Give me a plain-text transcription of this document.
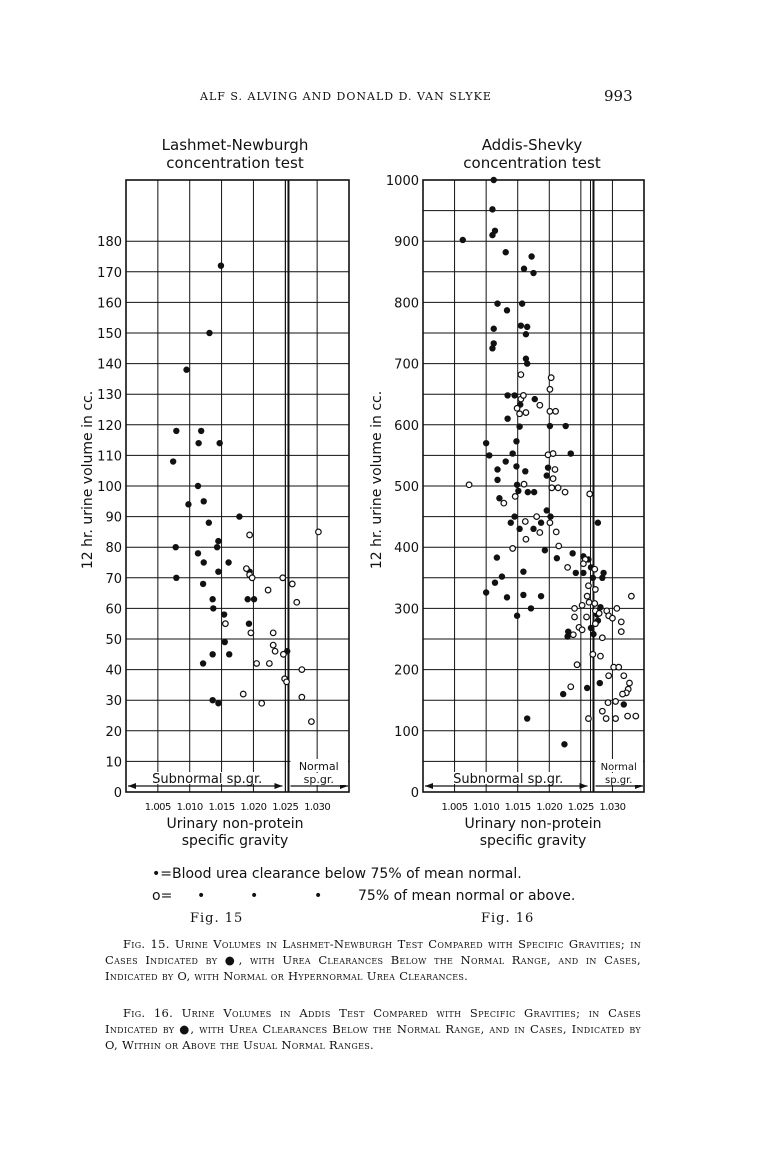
ALF S. ALVING AND DONALD D. VAN SLYKE	993
Lashmet-Newburgh
concentration test
12 hr. urine volume in cc.
0
10
20
30
40
50
60
70
80
90
100
110
120
130
140
150
160
170
180
1.005 1.010 1.015 1.020 1.025 1.030
Subnormal sp.gr.
Normal
sp.gr.
Urinary non-protein
specific gravity
Addis-Shevky
concentration test
12 hr. urine volume in cc.
0
100
200
300
400
500
600
700
800
900
1000
1.005 1.010 1.015 1.020 1.025 1.030
Subnormal sp.gr.
Normal
sp.gr.
Urinary non-protein
specific gravity
•=Blood urea clearance below 75% of mean normal.
o= •	•	•	75% of mean normal or above.
Fig. 15	Fig. 16
Fig. 15. Urine Volumes in Lashmet-Newburgh Test Compared with Specific Gravities; in Cases Indicated by ●, with Urea Clearances Below the Normal Range, and in Cases, Indicated by O, with Normal or Hypernormal Urea Clearances.
Fig. 16. Urine Volumes in Addis Test Compared with Specific Gravities; in Cases Indicated by ●, with Urea Clearances Below the Normal Range, and in Cases, Indicated by O, Within or Above the Usual Normal Ranges.
